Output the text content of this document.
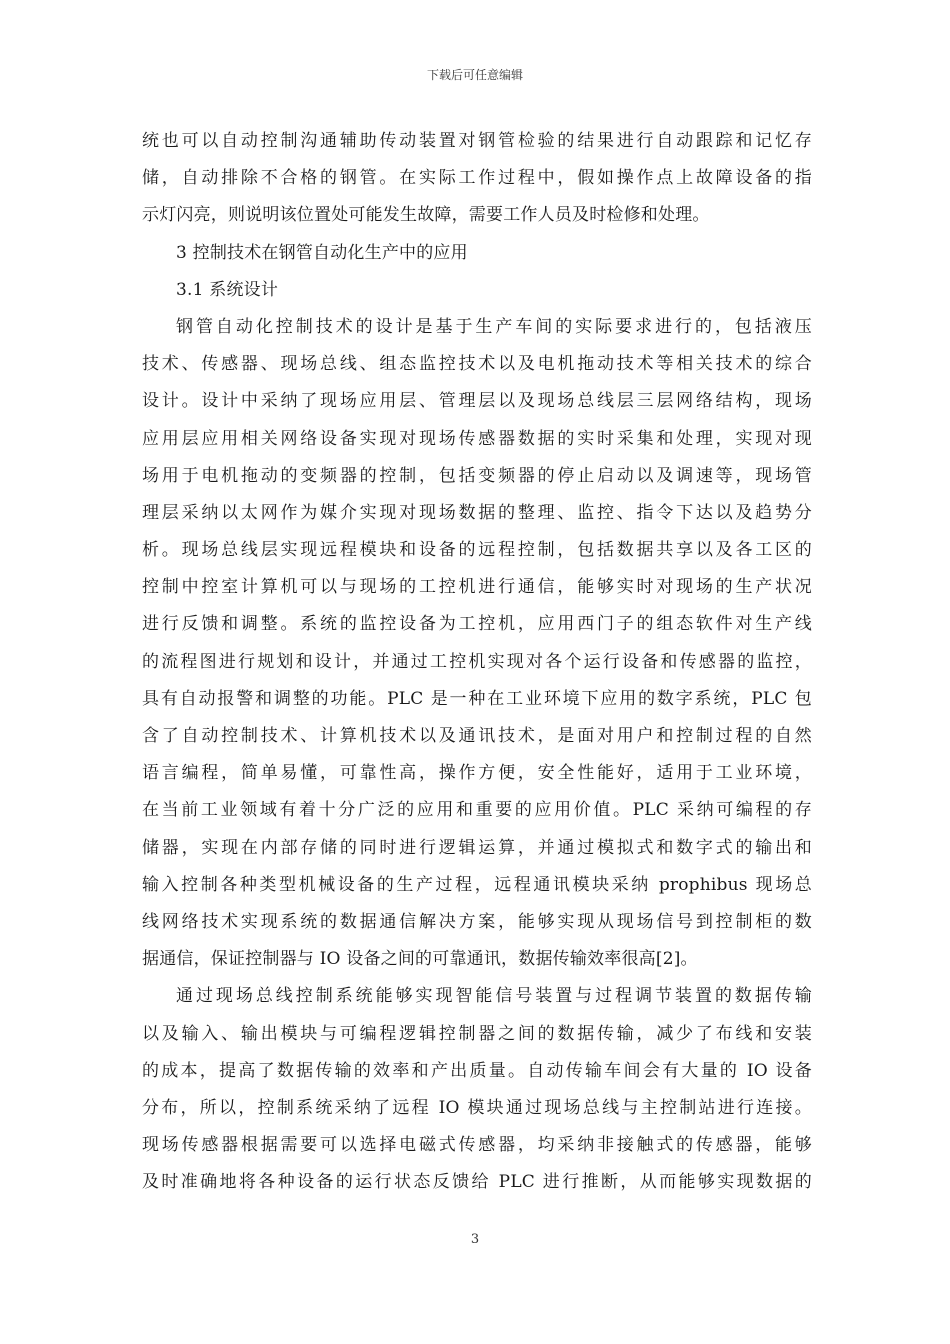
下载后可任意编辑
统也可以自动控制沟通辅助传动装置对钢管检验的结果进行自动跟踪和记忆存
储，自动排除不合格的钢管。在实际工作过程中，假如操作点上故障设备的指
示灯闪亮，则说明该位置处可能发生故障，需要工作人员及时检修和处理。
3 控制技术在钢管自动化生产中的应用
3.1 系统设计
钢管自动化控制技术的设计是基于生产车间的实际要求进行的，包括液压
技术、传感器、现场总线、组态监控技术以及电机拖动技术等相关技术的综合
设计。设计中采纳了现场应用层、管理层以及现场总线层三层网络结构，现场
应用层应用相关网络设备实现对现场传感器数据的实时采集和处理，实现对现
场用于电机拖动的变频器的控制，包括变频器的停止启动以及调速等，现场管
理层采纳以太网作为媒介实现对现场数据的整理、监控、指令下达以及趋势分
析。现场总线层实现远程模块和设备的远程控制，包括数据共享以及各工区的
控制中控室计算机可以与现场的工控机进行通信，能够实时对现场的生产状况
进行反馈和调整。系统的监控设备为工控机，应用西门子的组态软件对生产线
的流程图进行规划和设计，并通过工控机实现对各个运行设备和传感器的监控，
具有自动报警和调整的功能。PLC 是一种在工业环境下应用的数字系统，PLC 包
含了自动控制技术、计算机技术以及通讯技术，是面对用户和控制过程的自然
语言编程，简单易懂，可靠性高，操作方便，安全性能好，适用于工业环境，
在当前工业领域有着十分广泛的应用和重要的应用价值。PLC 采纳可编程的存
储器，实现在内部存储的同时进行逻辑运算，并通过模拟式和数字式的输出和
输入控制各种类型机械设备的生产过程，远程通讯模块采纳 prophibus 现场总
线网络技术实现系统的数据通信解决方案，能够实现从现场信号到控制柜的数
据通信，保证控制器与 IO 设备之间的可靠通讯，数据传输效率很高[2]。
通过现场总线控制系统能够实现智能信号装置与过程调节装置的数据传输
以及输入、输出模块与可编程逻辑控制器之间的数据传输，减少了布线和安装
的成本，提高了数据传输的效率和产出质量。自动传输车间会有大量的 IO 设备
分布，所以，控制系统采纳了远程 IO 模块通过现场总线与主控制站进行连接。
现场传感器根据需要可以选择电磁式传感器，均采纳非接触式的传感器，能够
及时准确地将各种设备的运行状态反馈给 PLC 进行推断，从而能够实现数据的
3
